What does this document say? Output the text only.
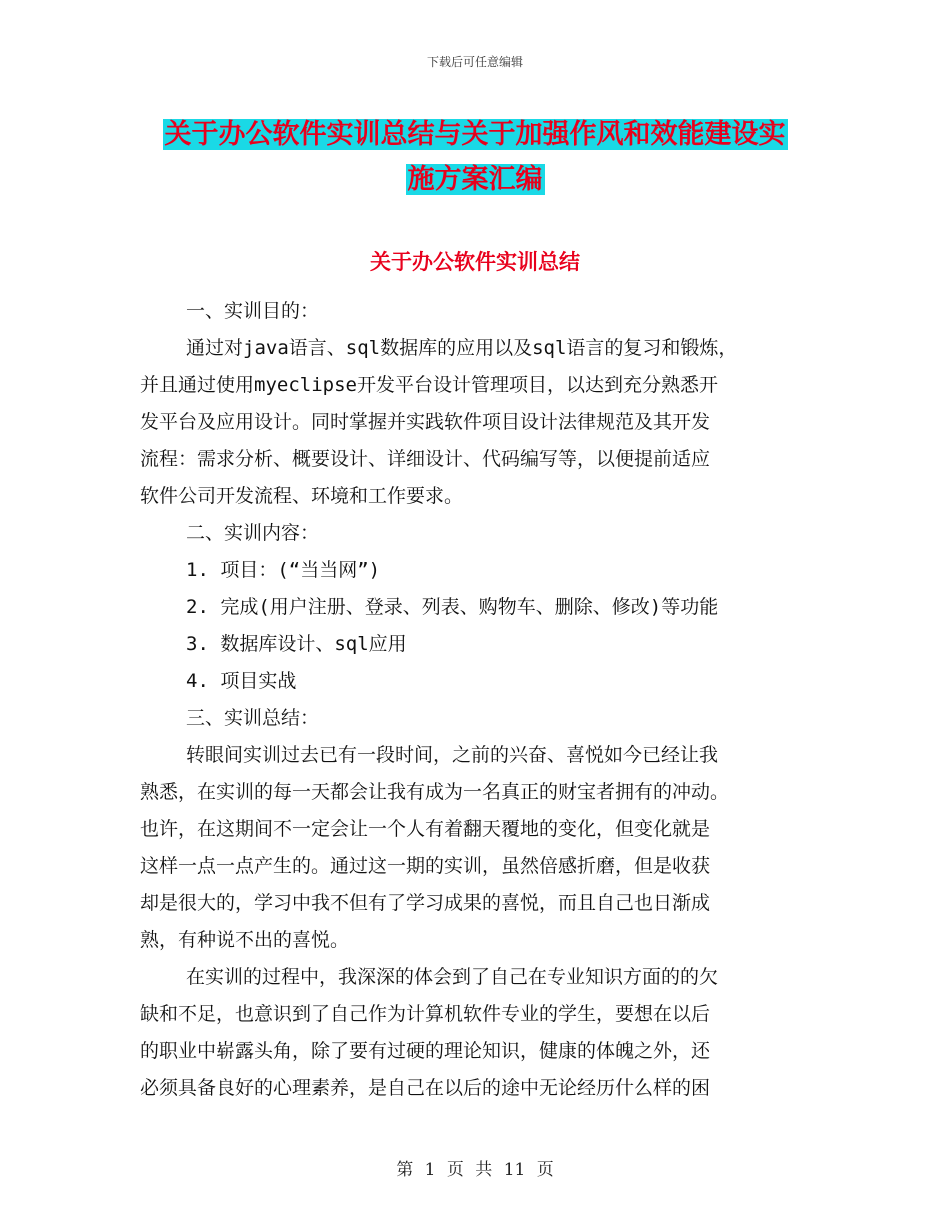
下载后可任意编辑
关于办公软件实训总结与关于加强作风和效能建设实
施方案汇编
关于办公软件实训总结
一、实训目的：
通过对java语言、sql数据库的应用以及sql语言的复习和锻炼，
并且通过使用myeclipse开发平台设计管理项目，以达到充分熟悉开
发平台及应用设计。同时掌握并实践软件项目设计法律规范及其开发
流程：需求分析、概要设计、详细设计、代码编写等，以便提前适应
软件公司开发流程、环境和工作要求。
二、实训内容：
1. 项目：(“当当网”)
2. 完成(用户注册、登录、列表、购物车、删除、修改)等功能
3. 数据库设计、sql应用
4. 项目实战
三、实训总结：
转眼间实训过去已有一段时间，之前的兴奋、喜悦如今已经让我
熟悉，在实训的每一天都会让我有成为一名真正的财宝者拥有的冲动。
也许，在这期间不一定会让一个人有着翻天覆地的变化，但变化就是
这样一点一点产生的。通过这一期的实训，虽然倍感折磨，但是收获
却是很大的，学习中我不但有了学习成果的喜悦，而且自己也日渐成
熟，有种说不出的喜悦。
在实训的过程中，我深深的体会到了自己在专业知识方面的的欠
缺和不足，也意识到了自己作为计算机软件专业的学生，要想在以后
的职业中崭露头角，除了要有过硬的理论知识，健康的体魄之外，还
必须具备良好的心理素养，是自己在以后的途中无论经历什么样的困
第 1 页 共 11 页
